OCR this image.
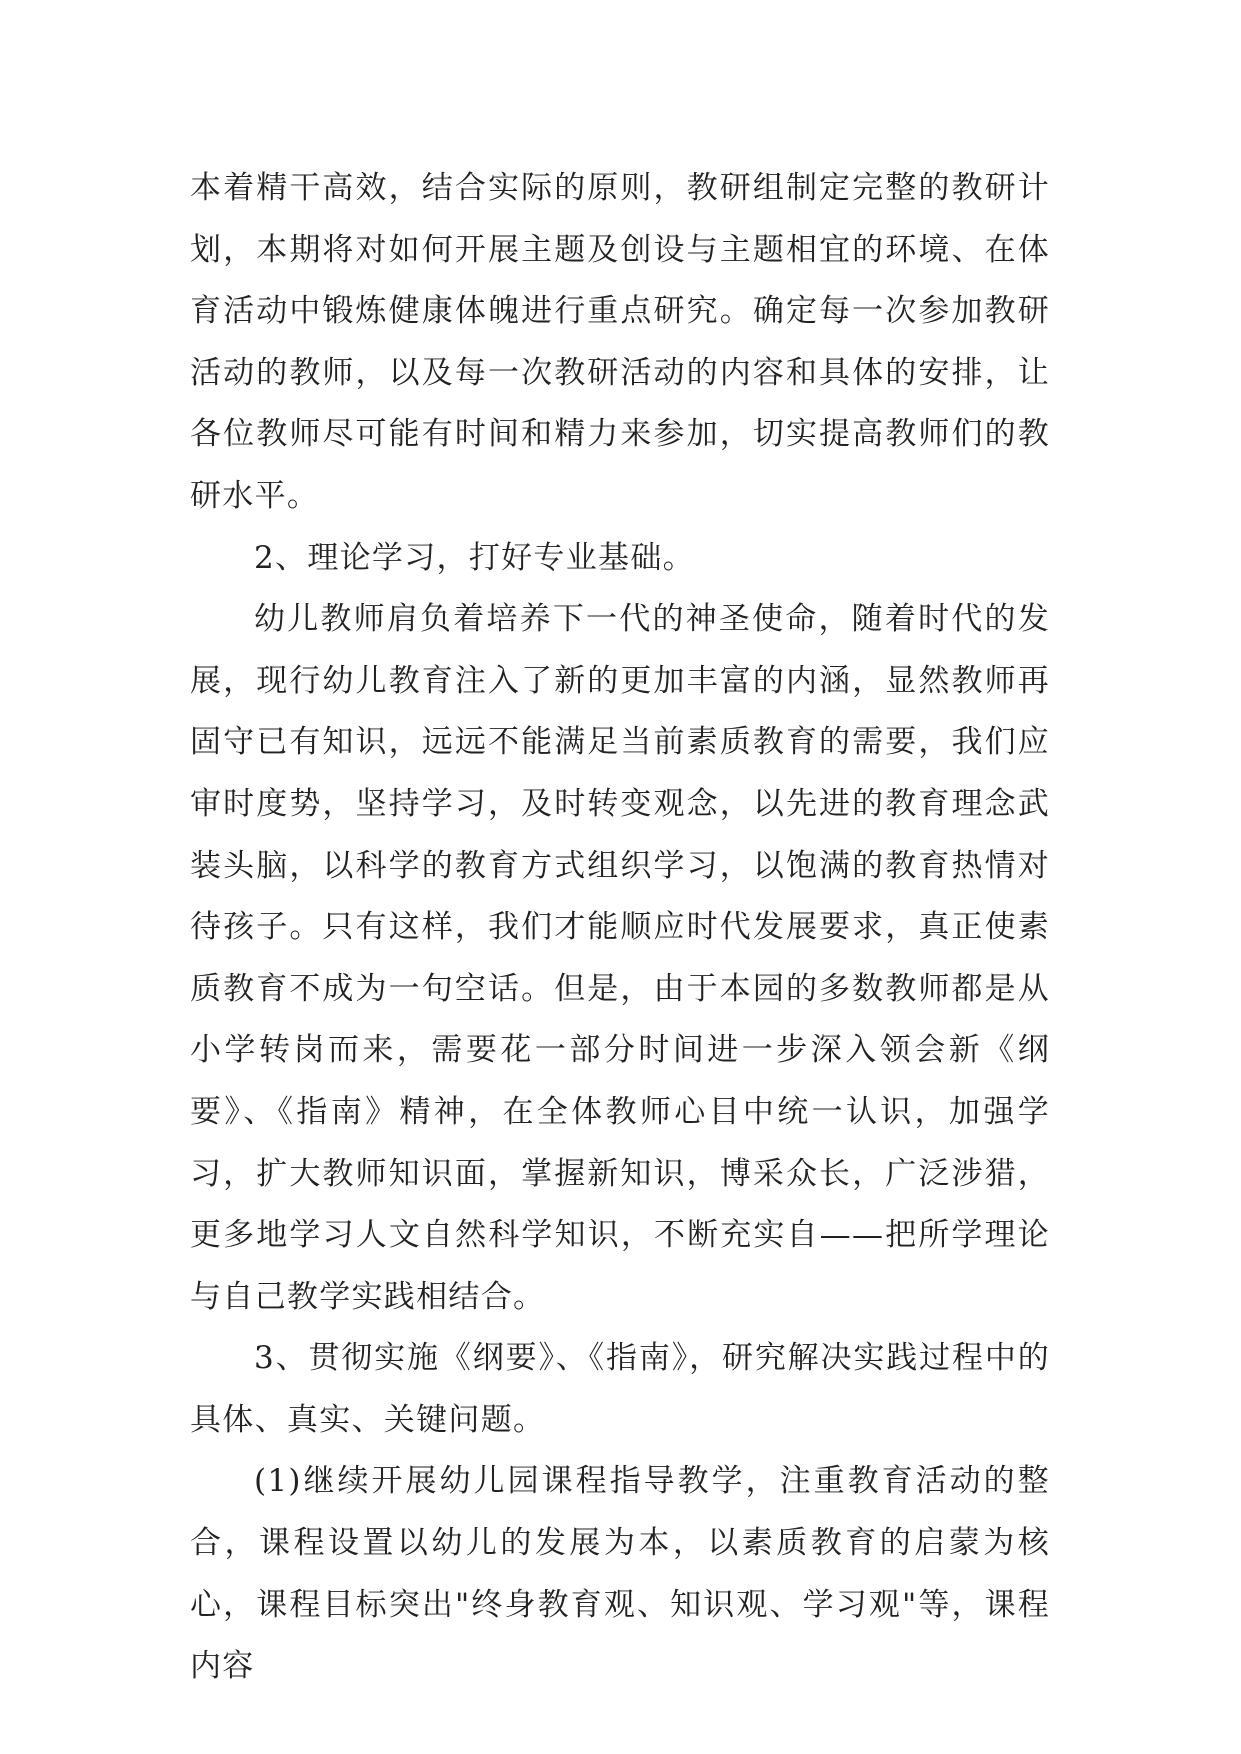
本着精干高效，结合实际的原则，教研组制定完整的教研计划，本期将对如何开展主题及创设与主题相宜的环境、在体育活动中锻炼健康体魄进行重点研究。确定每一次参加教研活动的教师，以及每一次教研活动的内容和具体的安排，让各位教师尽可能有时间和精力来参加，切实提高教师们的教研水平。

2、理论学习，打好专业基础。

幼儿教师肩负着培养下一代的神圣使命，随着时代的发展，现行幼儿教育注入了新的更加丰富的内涵，显然教师再固守已有知识，远远不能满足当前素质教育的需要，我们应审时度势，坚持学习，及时转变观念，以先进的教育理念武装头脑，以科学的教育方式组织学习，以饱满的教育热情对待孩子。只有这样，我们才能顺应时代发展要求，真正使素质教育不成为一句空话。但是，由于本园的多数教师都是从小学转岗而来，需要花一部分时间进一步深入领会新《纲要》、《指南》精神，在全体教师心目中统一认识，加强学习，扩大教师知识面，掌握新知识，博采众长，广泛涉猎，更多地学习人文自然科学知识，不断充实自——把所学理论与自己教学实践相结合。

3、贯彻实施《纲要》、《指南》，研究解决实践过程中的具体、真实、关键问题。

(1)继续开展幼儿园课程指导教学，注重教育活动的整合，课程设置以幼儿的发展为本，以素质教育的启蒙为核心，课程目标突出"终身教育观、知识观、学习观"等，课程内容
